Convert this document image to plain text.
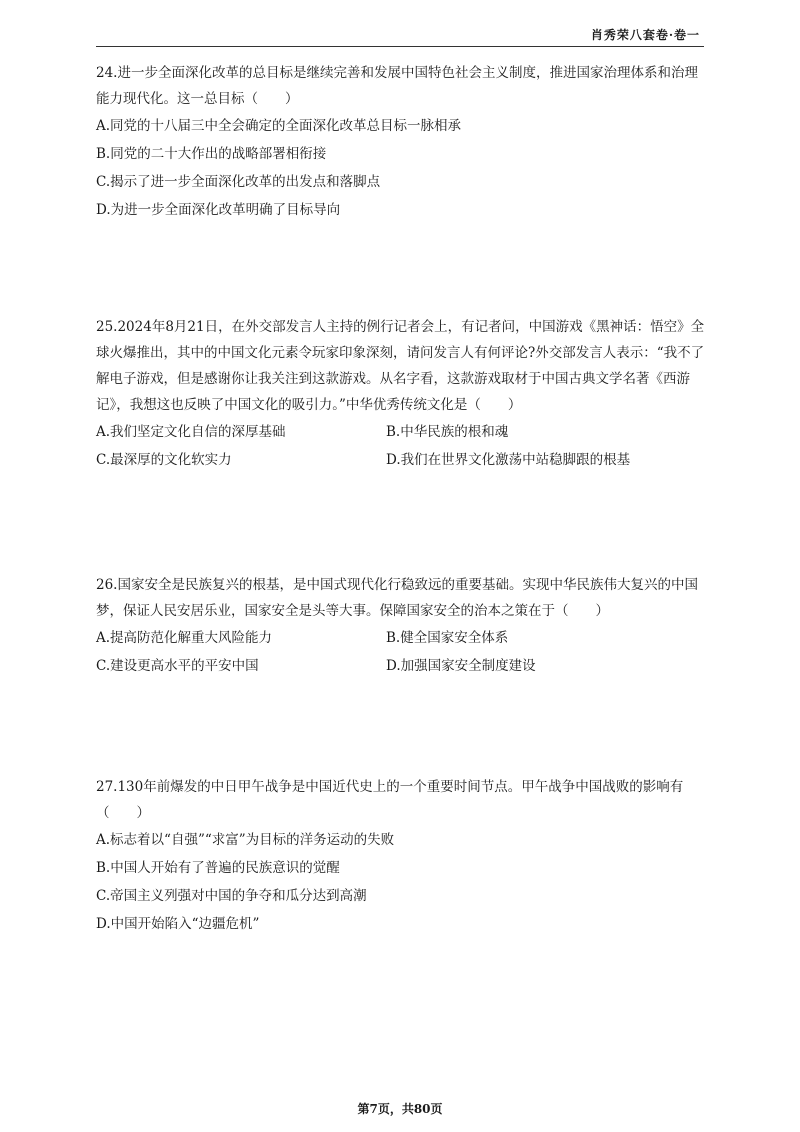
肖秀荣八套卷·卷一

24.进一步全面深化改革的总目标是继续完善和发展中国特色社会主义制度，推进国家治理体系和治理能力现代化。这一总目标（　　）

A.同党的十八届三中全会确定的全面深化改革总目标一脉相承

B.同党的二十大作出的战略部署相衔接

C.揭示了进一步全面深化改革的出发点和落脚点

D.为进一步全面深化改革明确了目标导向

25.2024年8月21日，在外交部发言人主持的例行记者会上，有记者问，中国游戏《黑神话：悟空》全球火爆推出，其中的中国文化元素令玩家印象深刻，请问发言人有何评论?外交部发言人表示：“我不了解电子游戏，但是感谢你让我关注到这款游戏。从名字看，这款游戏取材于中国古典文学名著《西游记》，我想这也反映了中国文化的吸引力。”中华优秀传统文化是（　　）

A.我们坚定文化自信的深厚基础	B.中华民族的根和魂
C.最深厚的文化软实力	D.我们在世界文化激荡中站稳脚跟的根基

26.国家安全是民族复兴的根基，是中国式现代化行稳致远的重要基础。实现中华民族伟大复兴的中国梦，保证人民安居乐业，国家安全是头等大事。保障国家安全的治本之策在于（　　）

A.提高防范化解重大风险能力	B.健全国家安全体系
C.建设更高水平的平安中国	D.加强国家安全制度建设

27.130年前爆发的中日甲午战争是中国近代史上的一个重要时间节点。甲午战争中国战败的影响有（　　）

A.标志着以“自强”“求富”为目标的洋务运动的失败

B.中国人开始有了普遍的民族意识的觉醒

C.帝国主义列强对中国的争夺和瓜分达到高潮

D.中国开始陷入“边疆危机”

第7页，共80页
